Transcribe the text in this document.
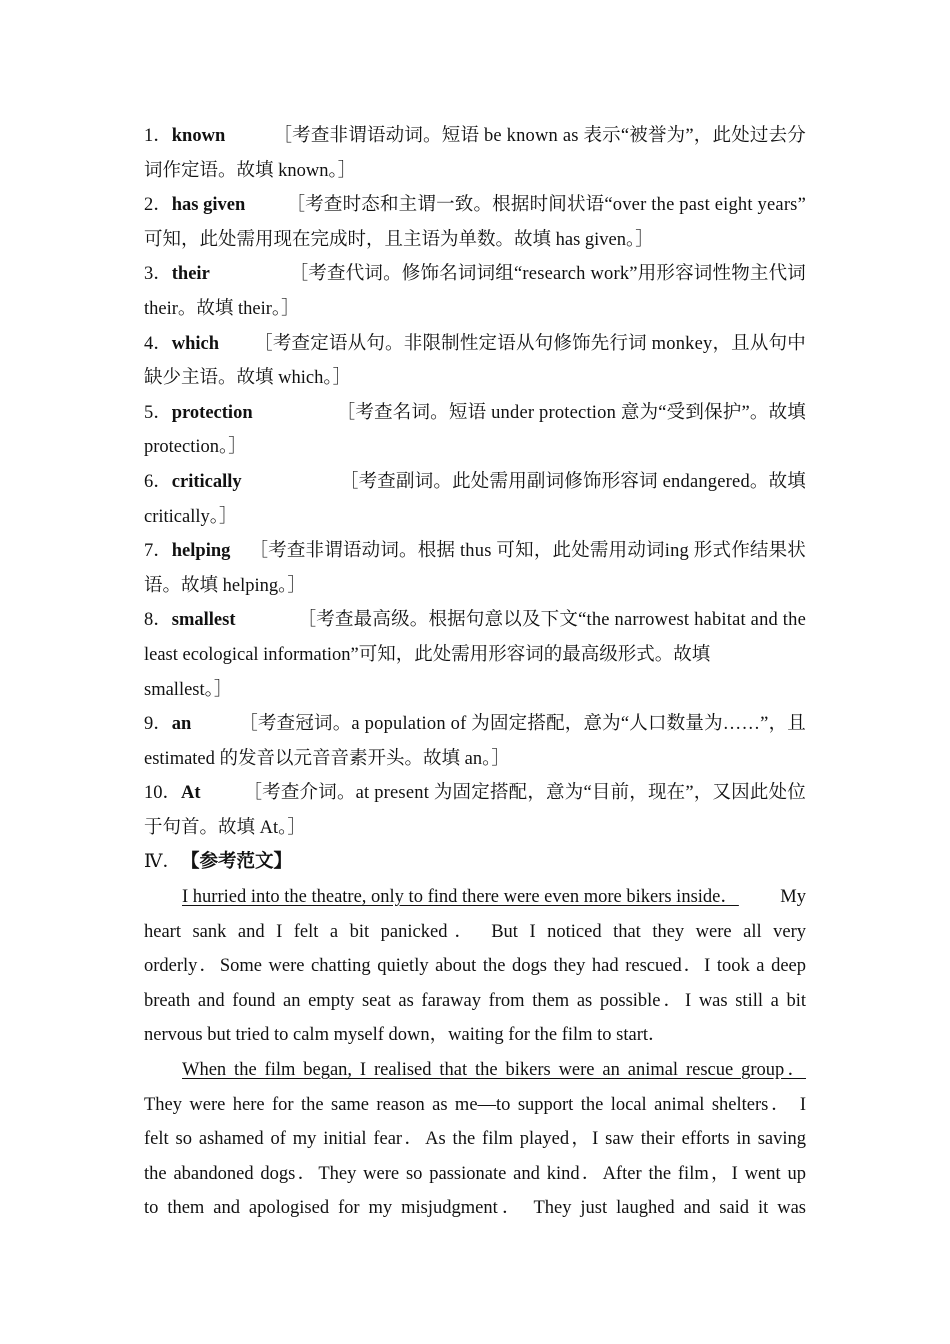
1．known	［考查非谓语动词。短语 be known as 表示“被誉为”，此处过去分
词作定语。故填 known。］
2．has given	［考查时态和主谓一致。根据时间状语“over the past eight years”
可知，此处需用现在完成时，且主语为单数。故填 has given。］
3．their	［考查代词。修饰名词词组“research work”用形容词性物主代词
their。故填 their。］
4．which	［考查定语从句。非限制性定语从句修饰先行词 monkey，且从句中
缺少主语。故填 which。］
5．protection	［考查名词。短语 under protection 意为“受到保护”。故填
protection。］
6．critically	［考查副词。此处需用副词修饰形容词 endangered。故填
critically。］
7．helping	［考查非谓语动词。根据 thus 可知，此处需用动词ing 形式作结果状
语。故填 helping。］
8．smallest	［考查最高级。根据句意以及下文“the narrowest habitat and the
least ecological information”可知，此处需用形容词的最高级形式。故填
smallest。］
9．an	［考查冠词。a population of 为固定搭配，意为“人口数量为……”，且
estimated 的发音以元音音素开头。故填 an。］
10．At	［考查介词。at present 为固定搭配，意为“目前，现在”，又因此处位
于句首。故填 At。］
Ⅳ． 【参考范文】
I hurried into the theatre, only to find there were even more bikers inside． My
heart sank and I felt a bit panicked． But I noticed that they were all very
orderly．Some were chatting quietly about the dogs they had rescued．I took a deep
breath and found an empty seat as faraway from them as possible．I was still a bit
nervous but tried to calm myself down，waiting for the film to start．
When the film began, I realised that the bikers were an animal rescue group．
They were here for the same reason as me—to support the local animal shelters． I
felt so ashamed of my initial fear．As the film played，I saw their efforts in saving
the abandoned dogs．They were so passionate and kind．After the film，I went up
to them and apologised for my misjudgment． They just laughed and said it was
